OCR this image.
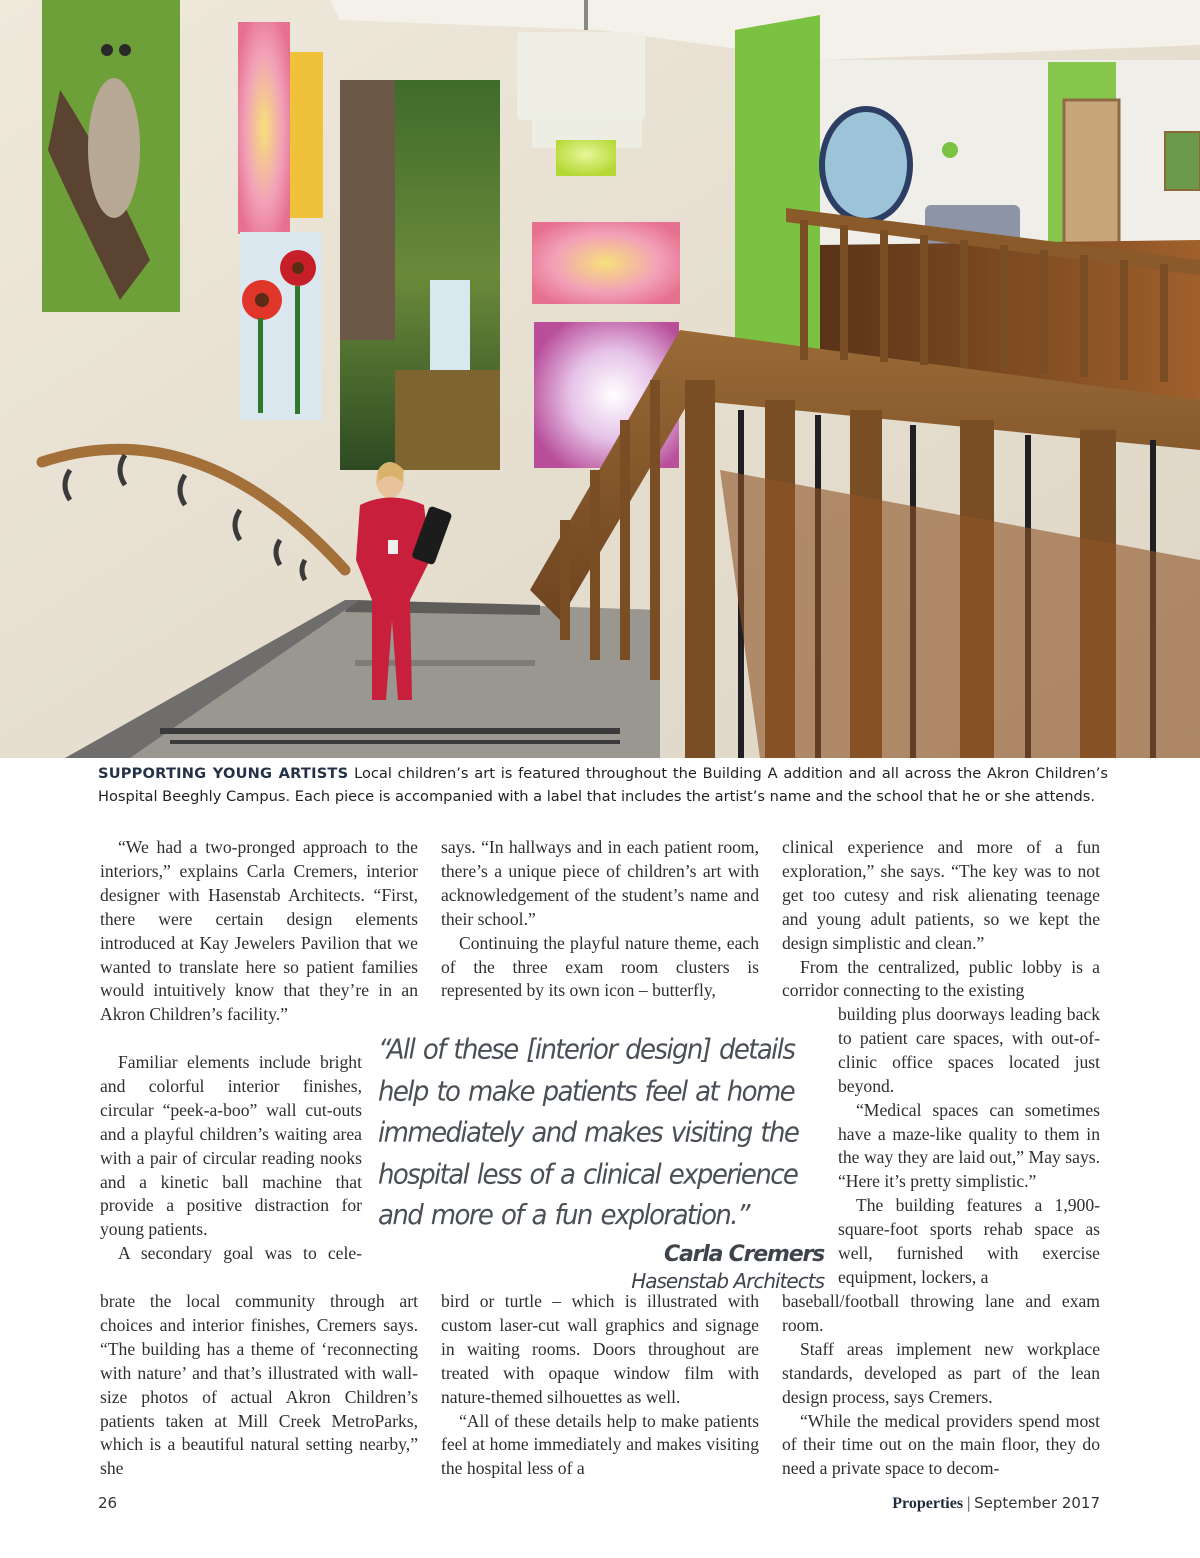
SUPPORTING YOUNG ARTISTS Local children’s art is featured throughout the Building A addition and all across the Akron Children’s Hospital Beeghly Campus. Each piece is accompanied with a label that includes the artist’s name and the school that he or she attends.

“We had a two-pronged approach to the interiors,” explains Carla Cremers, interior designer with Hasenstab Architects. “First, there were certain design elements introduced at Kay Jewelers Pavilion that we wanted to translate here so patient families would intuitively know that they’re in an Akron Children’s facility.”

Familiar elements include bright and colorful interior finishes, circular “peek-a-boo” wall cut-outs and a playful children’s waiting area with a pair of circular reading nooks and a kinetic ball machine that provide a positive distraction for young patients.

A secondary goal was to cele-

brate the local community through art choices and interior finishes, Cremers says. “The building has a theme of ‘reconnecting with nature’ and that’s illustrated with wall-size photos of actual Akron Children’s patients taken at Mill Creek MetroParks, which is a beautiful natural setting nearby,” she

says. “In hallways and in each patient room, there’s a unique piece of children’s art with acknowledgement of the student’s name and their school.”

Continuing the playful nature theme, each of the three exam room clusters is represented by its own icon – butterfly,

bird or turtle – which is illustrated with custom laser-cut wall graphics and signage in waiting rooms. Doors throughout are treated with opaque window film with nature-themed silhouettes as well.

“All of these details help to make patients feel at home immediately and makes visiting the hospital less of a

clinical experience and more of a fun exploration,” she says. “The key was to not get too cutesy and risk alienating teenage and young adult patients, so we kept the design simplistic and clean.”

From the centralized, public lobby is a corridor connecting to the existing

building plus doorways leading back to patient care spaces, with out-of-clinic office spaces located just beyond.

“Medical spaces can sometimes have a maze-like quality to them in the way they are laid out,” May says. “Here it’s pretty simplistic.”

The building features a 1,900-square-foot sports rehab space as well, furnished with exercise equipment, lockers, a

baseball/football throwing lane and exam room.

Staff areas implement new workplace standards, developed as part of the lean design process, says Cremers.

“While the medical providers spend most of their time out on the main floor, they do need a private space to decom-

“All of these [interior design] details help to make patients feel at home immediately and makes visiting the hospital less of a clinical experience and more of a fun exploration.”
Carla Cremers
Hasenstab Architects
26	Properties | September 2017
